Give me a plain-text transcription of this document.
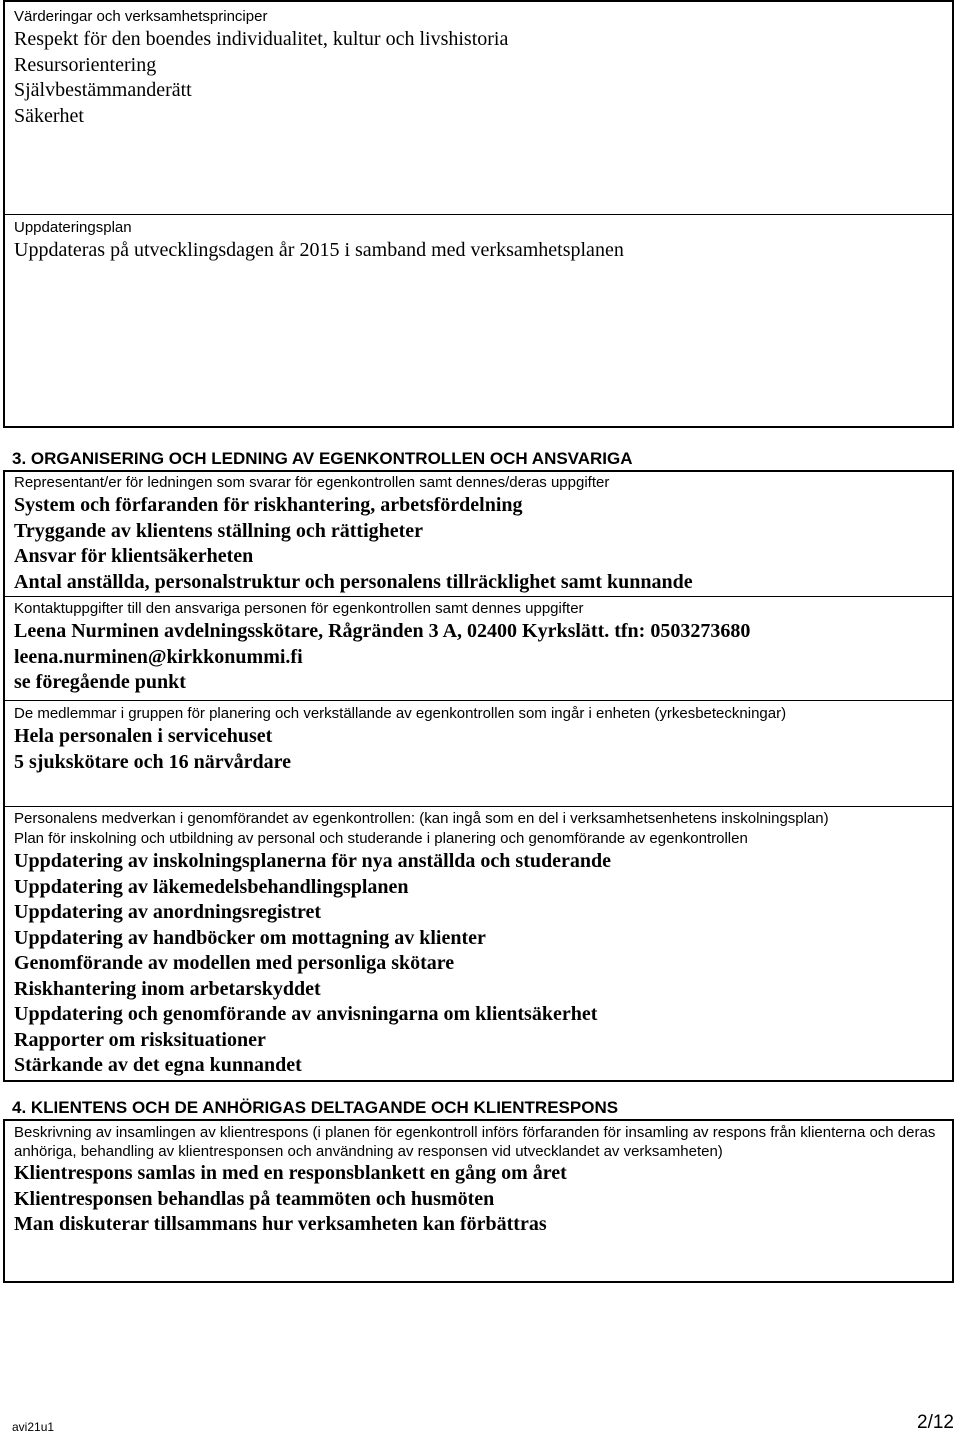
Värderingar och verksamhetsprinciper
Respekt för den boendes individualitet, kultur och livshistoria
Resursorientering
Självbestämmanderätt
Säkerhet
Uppdateringsplan
Uppdateras på utvecklingsdagen år 2015 i samband med verksamhetsplanen
3. ORGANISERING OCH LEDNING AV EGENKONTROLLEN OCH ANSVARIGA
Representant/er för ledningen som svarar för egenkontrollen samt dennes/deras uppgifter
System och förfaranden för riskhantering, arbetsfördelning
Tryggande av klientens ställning och rättigheter
Ansvar för klientsäkerheten
Antal anställda, personalstruktur och personalens tillräcklighet samt kunnande
Kontaktuppgifter till den ansvariga personen för egenkontrollen samt dennes uppgifter
Leena Nurminen avdelningsskötare, Rågränden 3 A, 02400 Kyrkslätt. tfn: 0503273680
leena.nurminen@kirkkonummi.fi
se föregående punkt
De medlemmar i gruppen för planering och verkställande av egenkontrollen som ingår i enheten (yrkesbeteckningar)
Hela personalen i servicehuset
5 sjukskötare och 16 närvårdare
Personalens medverkan i genomförandet av egenkontrollen: (kan ingå som en del i verksamhetsenhetens inskolningsplan)
Plan för inskolning och utbildning av personal och studerande i planering och genomförande av egenkontrollen
Uppdatering av inskolningsplanerna för nya anställda och studerande
Uppdatering av läkemedelsbehandlingsplanen
Uppdatering av anordningsregistret
Uppdatering av handböcker om mottagning av klienter
Genomförande av modellen med personliga skötare
Riskhantering inom arbetarskyddet
Uppdatering och genomförande av anvisningarna om klientsäkerhet
Rapporter om risksituationer
Stärkande av det egna kunnandet
4. KLIENTENS OCH DE ANHÖRIGAS DELTAGANDE OCH KLIENTRESPONS
Beskrivning av insamlingen av klientrespons (i planen för egenkontroll införs förfaranden för insamling av respons från klienterna och deras anhöriga, behandling av klientresponsen och användning av responsen vid utvecklandet av verksamheten)
Klientrespons samlas in med en responsblankett en gång om året
Klientresponsen behandlas på teammöten och husmöten
Man diskuterar tillsammans hur verksamheten kan förbättras
avi21u1	2/12
